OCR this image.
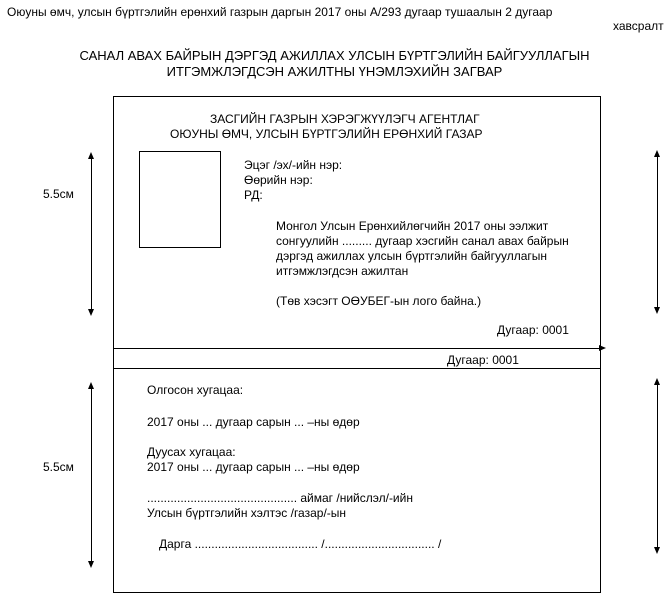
Оюуны өмч, улсын бүртгэлийн ерөнхий газрын даргын 2017 оны А/293 дугаар тушаалын 2 дугаар
хавсралт
САНАЛ АВАХ БАЙРЫН ДЭРГЭД АЖИЛЛАХ УЛСЫН БҮРТГЭЛИЙН БАЙГУУЛЛАГЫН
ИТГЭМЖЛЭГДСЭН АЖИЛТНЫ ҮНЭМЛЭХИЙН ЗАГВАР
5.5см
5.5см
ЗАСГИЙН ГАЗРЫН ХЭРЭГЖҮҮЛЭГЧ АГЕНТЛАГ
ОЮУНЫ ӨМЧ, УЛСЫН БҮРТГЭЛИЙН ЕРӨНХИЙ ГАЗАР
Эцэг /эх/-ийн нэр:
Өөрийн нэр:
РД:
Монгол Улсын Ерөнхийлөгчийн 2017 оны ээлжит
сонгуулийн ......... дугаар хэсгийн санал авах байрын
дэргэд ажиллах улсын бүртгэлийн байгууллагын
итгэмжлэгдсэн ажилтан
(Төв хэсэгт ОӨУБЕГ-ын лого байна.)
Дугаар: 0001
Дугаар: 0001
Олгосон хугацаа:
2017 оны ... дугаар сарын ... –ны өдөр
Дуусах хугацаа:
2017 оны ... дугаар сарын ... –ны өдөр
............................................. аймаг /нийслэл/-ийн
Улсын бүртгэлийн хэлтэс /газар/-ын
Дарга ..................................... /................................. /
